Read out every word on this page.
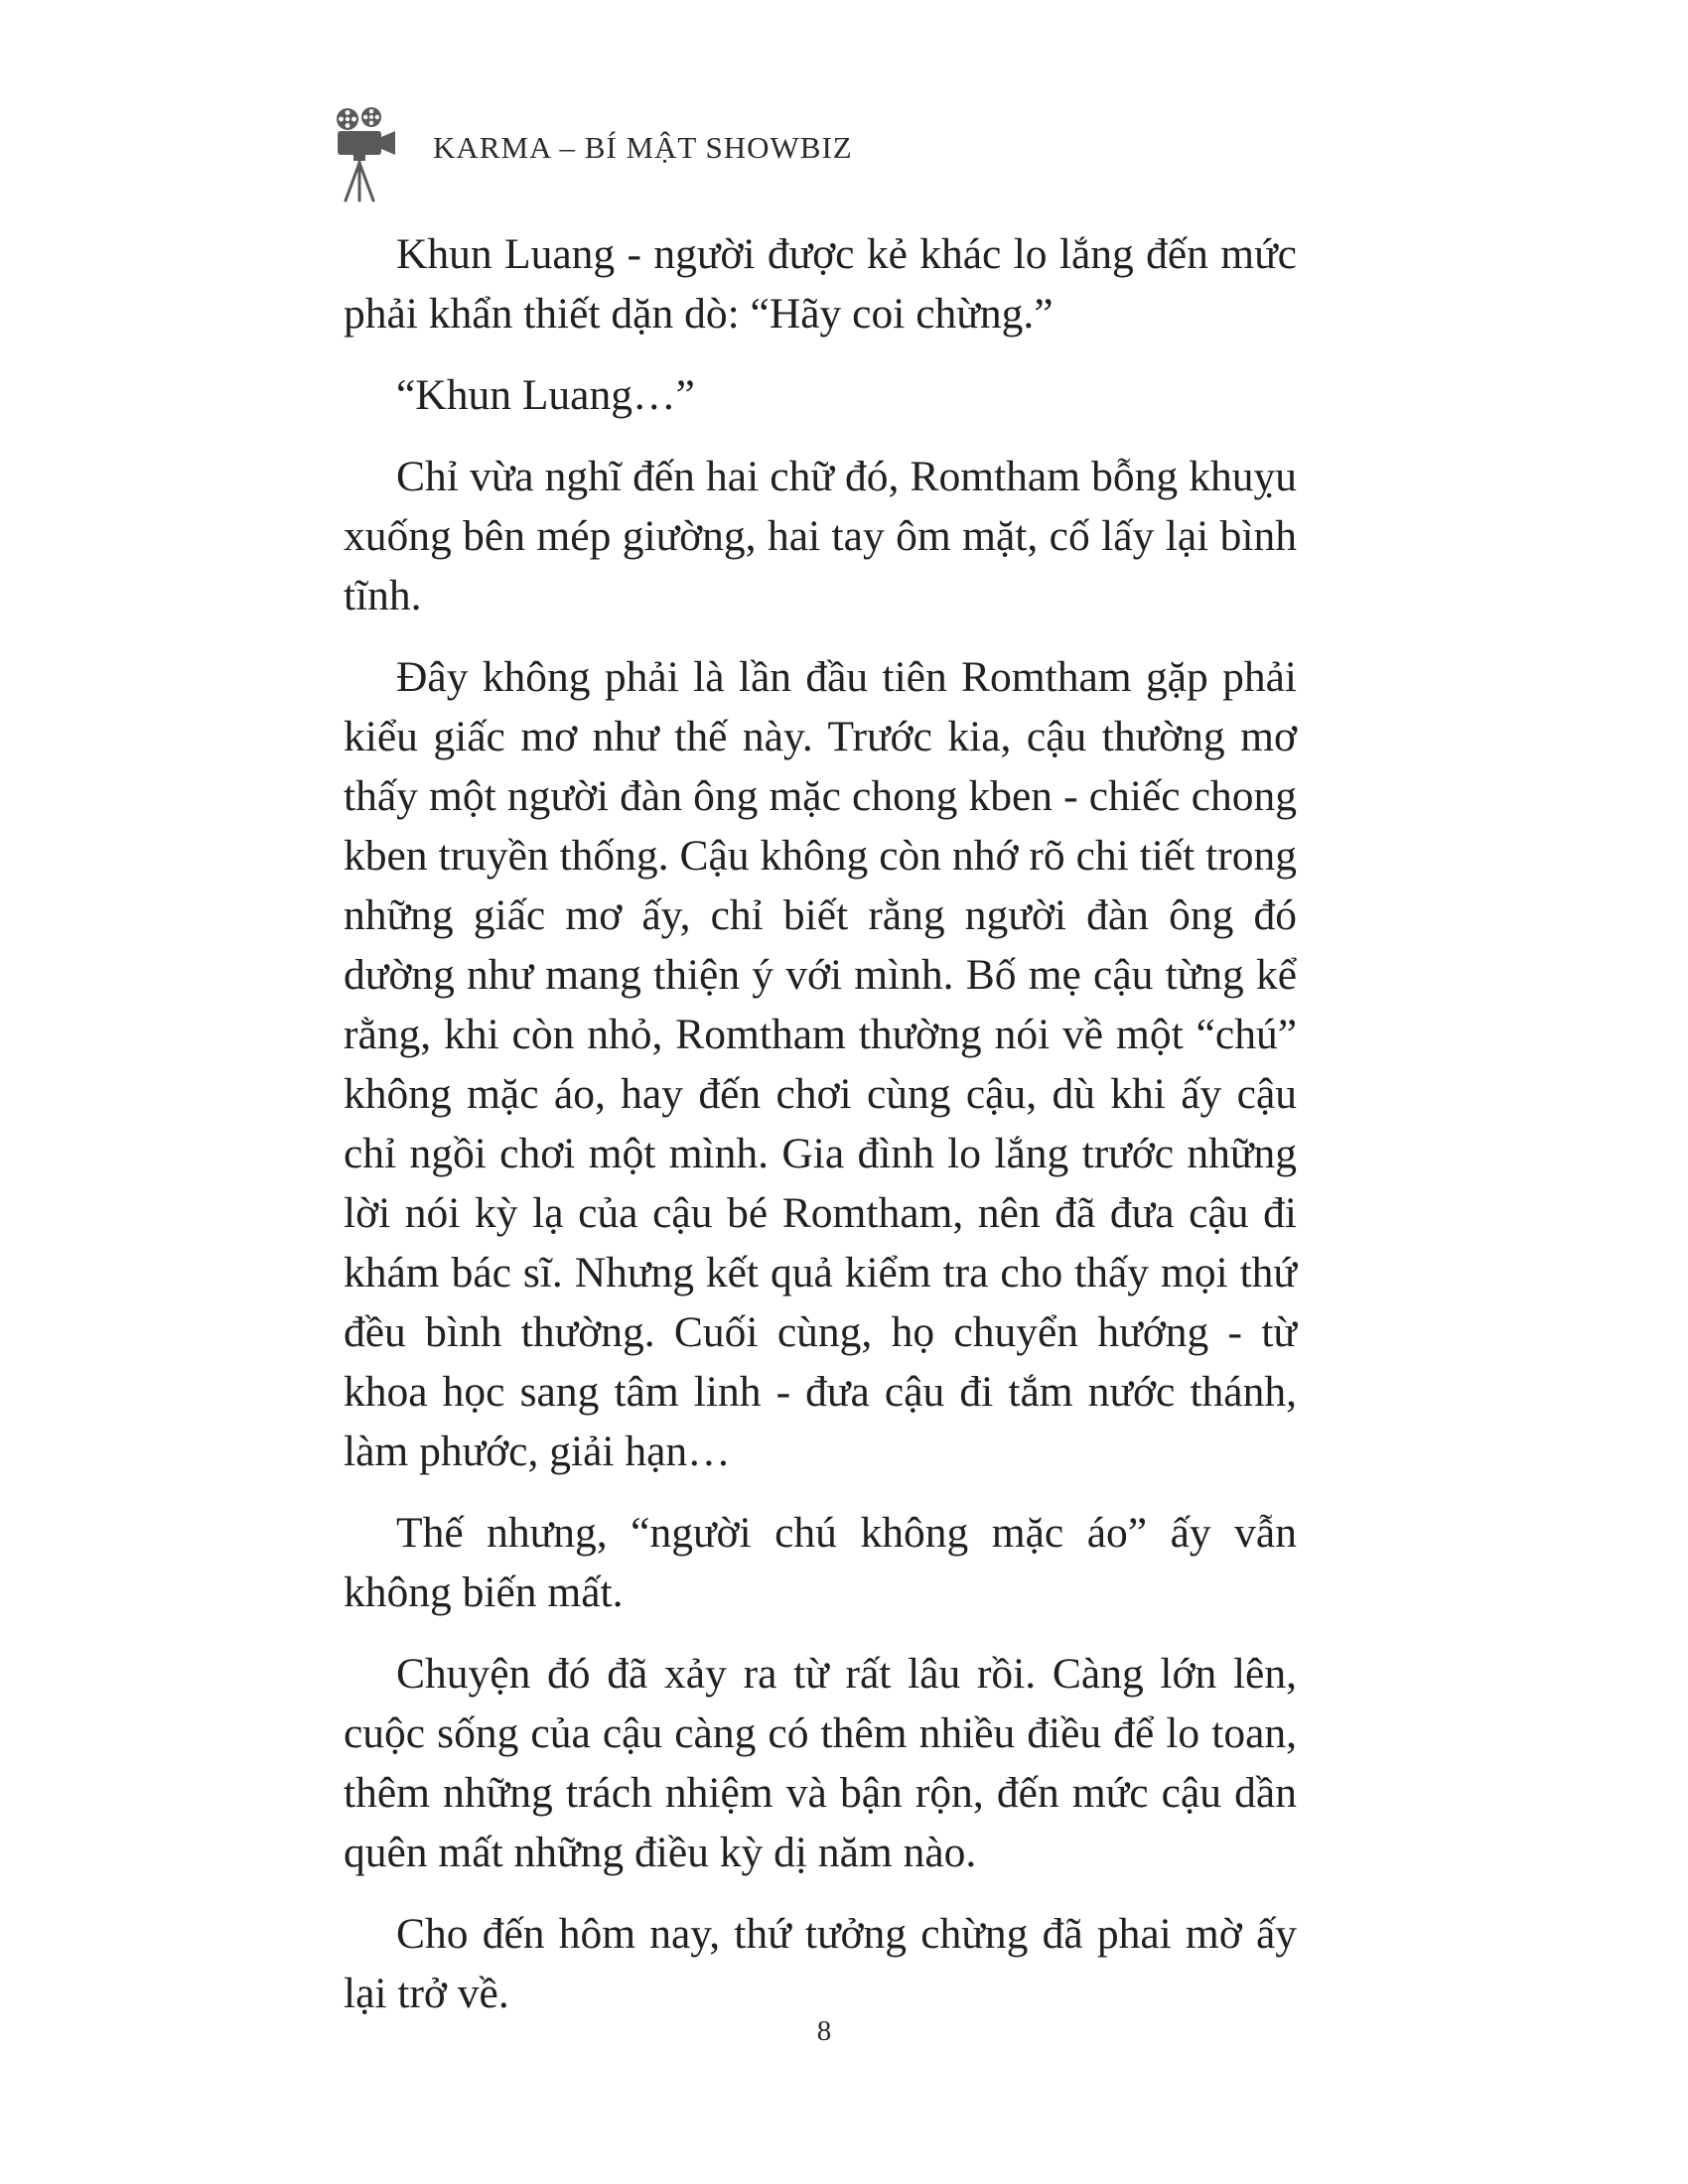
KARMA – BÍ MẬT SHOWBIZ

Khun Luang - người được kẻ khác lo lắng đến mức phải khẩn thiết dặn dò: “Hãy coi chừng.”

“Khun Luang…”

Chỉ vừa nghĩ đến hai chữ đó, Romtham bỗng khuỵu xuống bên mép giường, hai tay ôm mặt, cố lấy lại bình tĩnh.

Đây không phải là lần đầu tiên Romtham gặp phải kiểu giấc mơ như thế này. Trước kia, cậu thường mơ thấy một người đàn ông mặc chong kben - chiếc chong kben truyền thống. Cậu không còn nhớ rõ chi tiết trong những giấc mơ ấy, chỉ biết rằng người đàn ông đó dường như mang thiện ý với mình. Bố mẹ cậu từng kể rằng, khi còn nhỏ, Romtham thường nói về một “chú” không mặc áo, hay đến chơi cùng cậu, dù khi ấy cậu chỉ ngồi chơi một mình. Gia đình lo lắng trước những lời nói kỳ lạ của cậu bé Romtham, nên đã đưa cậu đi khám bác sĩ. Nhưng kết quả kiểm tra cho thấy mọi thứ đều bình thường. Cuối cùng, họ chuyển hướng - từ khoa học sang tâm linh - đưa cậu đi tắm nước thánh, làm phước, giải hạn…

Thế nhưng, “người chú không mặc áo” ấy vẫn không biến mất.

Chuyện đó đã xảy ra từ rất lâu rồi. Càng lớn lên, cuộc sống của cậu càng có thêm nhiều điều để lo toan, thêm những trách nhiệm và bận rộn, đến mức cậu dần quên mất những điều kỳ dị năm nào.

Cho đến hôm nay, thứ tưởng chừng đã phai mờ ấy lại trở về.

8
